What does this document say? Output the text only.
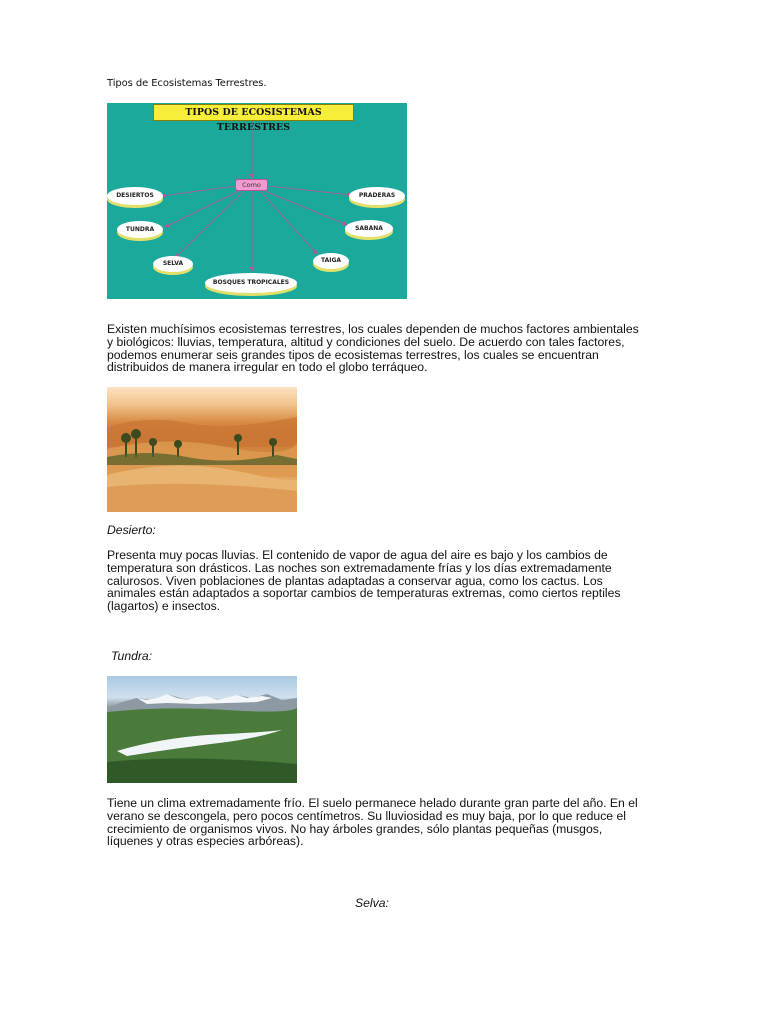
Tipos de Ecosistemas Terrestres.
TIPOS DE ECOSISTEMAS TERRESTRES
Como
DESIERTOS	PRADERAS
TUNDRA	SABANA
SELVA	TAIGA
BOSQUES TROPICALES
Existen muchísimos ecosistemas terrestres, los cuales dependen de muchos factores ambientales
y biológicos: lluvias, temperatura, altitud y condiciones del suelo. De acuerdo con tales factores,
podemos enumerar seis grandes tipos de ecosistemas terrestres, los cuales se encuentran
distribuidos de manera irregular en todo el globo terráqueo.
Desierto:
Presenta muy pocas lluvias. El contenido de vapor de agua del aire es bajo y los cambios de
temperatura son drásticos. Las noches son extremadamente frías y los días extremadamente
calurosos. Viven poblaciones de plantas adaptadas a conservar agua, como los cactus. Los
animales están adaptados a soportar cambios de temperaturas extremas, como ciertos reptiles
(lagartos) e insectos.
Tundra:
Tiene un clima extremadamente frío. El suelo permanece helado durante gran parte del año. En el
verano se descongela, pero pocos centímetros. Su lluviosidad es muy baja, por lo que reduce el
crecimiento de organismos vivos. No hay árboles grandes, sólo plantas pequeñas (musgos,
líquenes y otras especies arbóreas).
Selva:
